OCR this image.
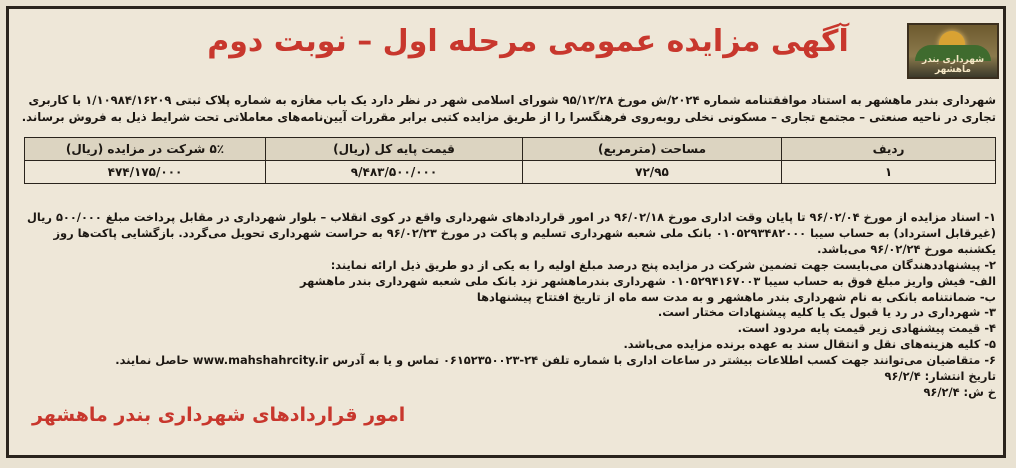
شهرداری بندر ماهشهر
آگهی مزایده عمومی مرحله اول – نوبت دوم
شهرداری بندر ماهشهر به استناد موافقتنامه شماره ۲۰۲۴/ش مورخ ۹۵/۱۲/۲۸ شورای اسلامی شهر در نظر دارد یک باب مغازه به شماره پلاک ثبتی ۱/۱۰۹۸۴/۱۶۲۰۹ با کاربری تجاری در ناحیه صنعتی – مجتمع تجاری – مسکونی نخلی روبه‌روی فرهنگسرا را از طریق مزایده کتبی برابر مقررات آیین‌نامه‌های معاملاتی تحت شرایط ذیل به فروش برساند.
ردیف	مساحت (مترمربع)	قیمت پایه کل (ریال)	۵٪ شرکت در مزایده (ریال)
۱	۷۲/۹۵	۹/۴۸۳/۵۰۰/۰۰۰	۴۷۴/۱۷۵/۰۰۰

۱- اسناد مزایده از مورخ ۹۶/۰۲/۰۴ تا پایان وقت اداری مورخ ۹۶/۰۲/۱۸ در امور قراردادهای شهرداری واقع در کوی انقلاب – بلوار شهرداری در مقابل پرداخت مبلغ ۵۰۰/۰۰۰ ریال (غیرقابل استرداد) به حساب سیبا ۰۱۰۵۲۹۳۴۸۲۰۰۰ بانک ملی شعبه شهرداری تسلیم و پاکت در مورخ ۹۶/۰۲/۲۳ به حراست شهرداری تحویل می‌گردد. بازگشایی پاکت‌ها روز یکشنبه مورخ ۹۶/۰۲/۲۴ می‌باشد.

۲- پیشنهاددهندگان می‌بایست جهت تضمین شرکت در مزایده پنج درصد مبلغ اولیه را به یکی از دو طریق ذیل ارائه نمایند:

الف- فیش واریز مبلغ فوق به حساب سیبا ۰۱۰۵۲۹۴۱۶۷۰۰۳ شهرداری بندرماهشهر نزد بانک ملی شعبه شهرداری بندر ماهشهر

ب- ضمانتنامه بانکی به نام شهرداری بندر ماهشهر و به مدت سه ماه از تاریخ افتتاح پیشنهادها

۳- شهرداری در رد یا قبول یک یا کلیه پیشنهادات مختار است.

۴- قیمت پیشنهادی زیر قیمت پایه مردود است.

۵- کلیه هزینه‌های نقل و انتقال سند به عهده برنده مزایده می‌باشد.

۶- متقاضیان می‌توانند جهت کسب اطلاعات بیشتر در ساعات اداری با شماره تلفن ۲۴-۰۶۱۵۲۳۵۰۰۲۳ تماس و یا به آدرس www.mahshahrcity.ir حاصل نمایند.

تاریخ انتشار: ۹۶/۲/۴

خ ش: ۹۶/۲/۴

امور قراردادهای شهرداری بندر ماهشهر
